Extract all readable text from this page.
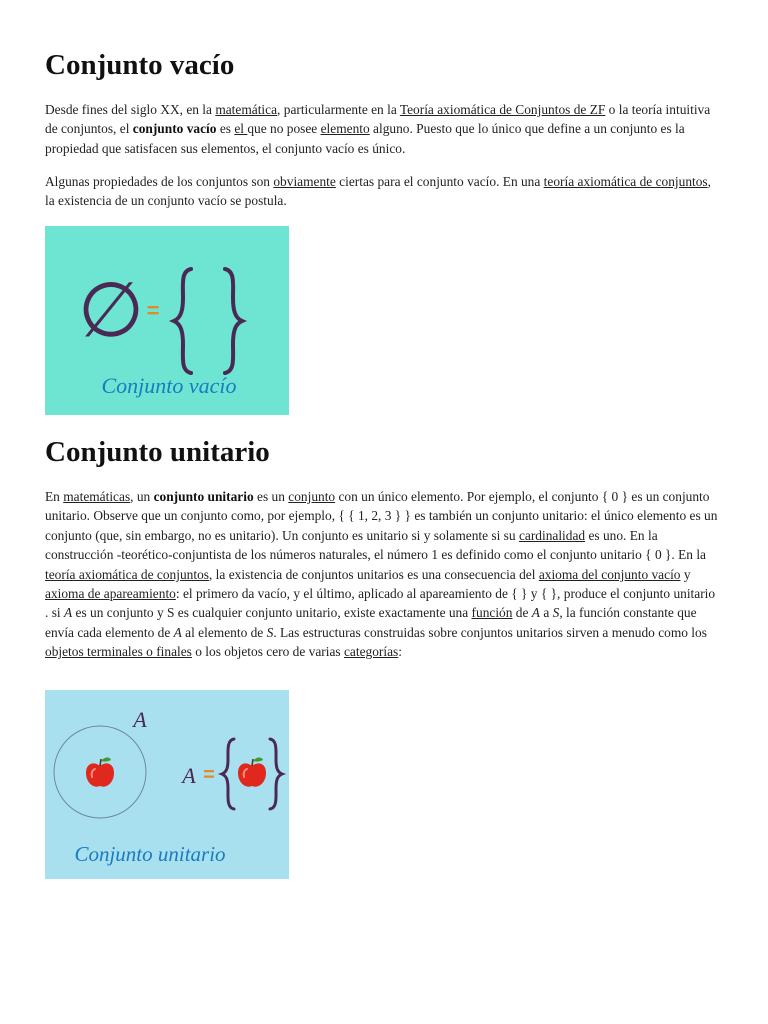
Conjunto vacío
Desde fines del siglo XX, en la matemática, particularmente en la Teoría axiomática de Conjuntos de ZF o la teoría intuitiva de conjuntos, el conjunto vacío es el que no posee elemento alguno. Puesto que lo único que define a un conjunto es la propiedad que satisfacen sus elementos, el conjunto vacío es único.
Algunas propiedades de los conjuntos son obviamente ciertas para el conjunto vacío. En una teoría axiomática de conjuntos, la existencia de un conjunto vacío se postula.
∅ =
Conjunto vacío
Conjunto unitario
En matemáticas, un conjunto unitario es un conjunto con un único elemento. Por ejemplo, el conjunto { 0 } es un conjunto unitario. Observe que un conjunto como, por ejemplo, { { 1, 2, 3 } } es también un conjunto unitario: el único elemento es un conjunto (que, sin embargo, no es unitario). Un conjunto es unitario si y solamente si su cardinalidad es uno. En la construcción -teorético-conjuntista de los números naturales, el número 1 es definido como el conjunto unitario { 0 }. En la teoría axiomática de conjuntos, la existencia de conjuntos unitarios es una consecuencia del axioma del conjunto vacío y axioma de apareamiento: el primero da vacío, y el último, aplicado al apareamiento de { } y { }, produce el conjunto unitario . si A es un conjunto y S es cualquier conjunto unitario, existe exactamente una función de A a S, la función constante que envía cada elemento de A al elemento de S. Las estructuras construidas sobre conjuntos unitarios sirven a menudo como los objetos terminales o finales o los objetos cero de varias categorías:
A
A =
Conjunto unitario
